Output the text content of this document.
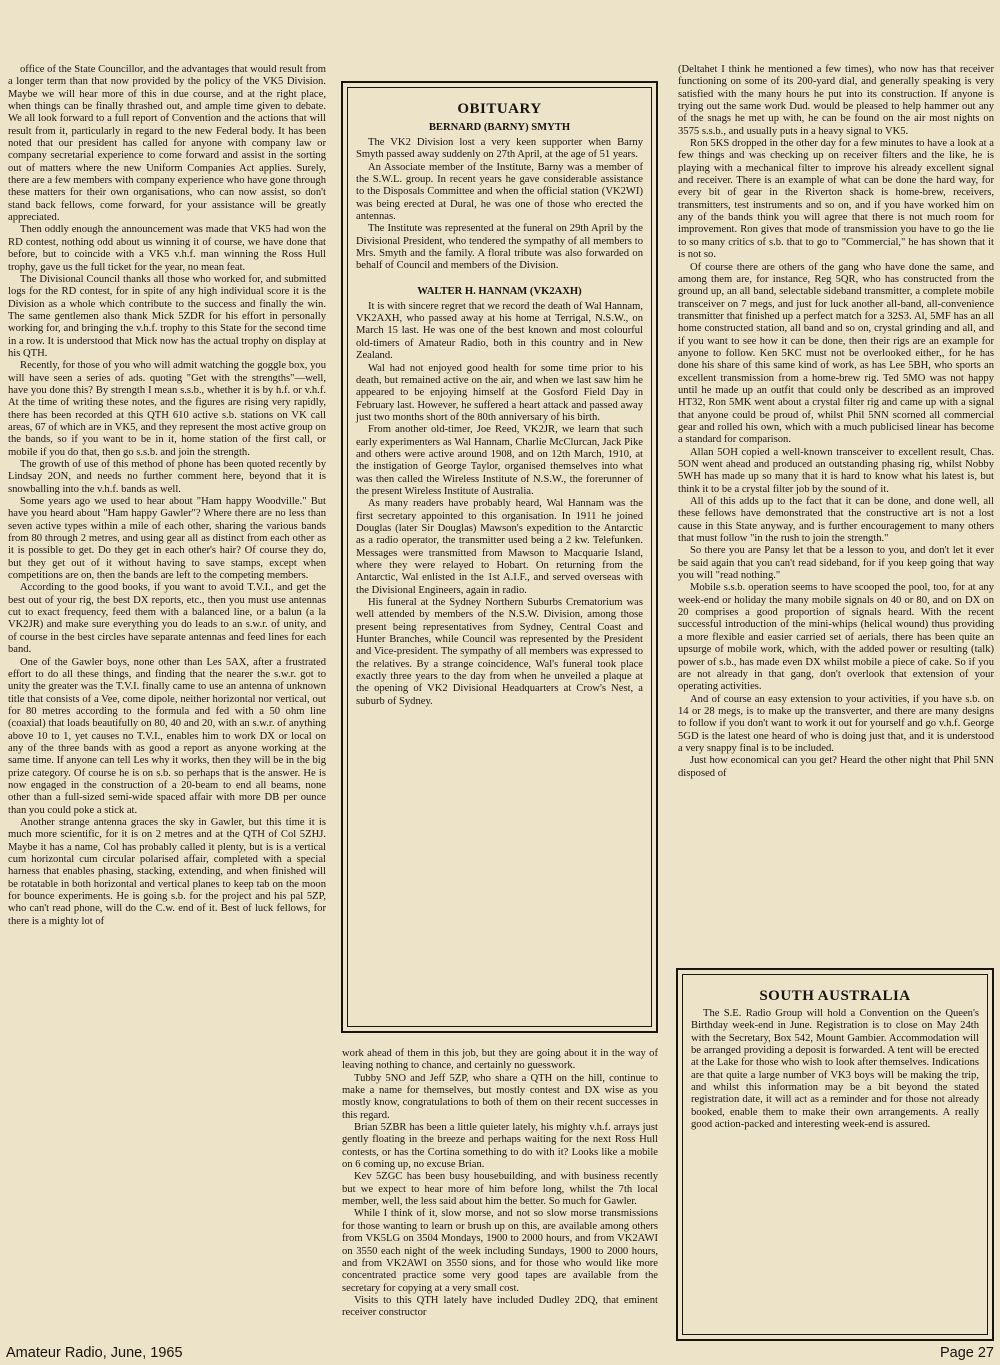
office of the State Councillor, and the advantages that would result from a longer term than that now provided by the policy of the VK5 Division. Maybe we will hear more of this in due course, and at the right place, when things can be finally thrashed out, and ample time given to debate. We all look forward to a full report of Convention and the actions that will result from it, particularly in regard to the new Federal body. It has been noted that our president has called for anyone with company law or company secretarial experience to come forward and assist in the sorting out of matters where the new Uniform Companies Act applies. Surely, there are a few members with company experience who have gone through these matters for their own organisations, who can now assist, so don't stand back fellows, come forward, for your assistance will be greatly appreciated.

Then oddly enough the announcement was made that VK5 had won the RD contest, nothing odd about us winning it of course, we have done that before, but to coincide with a VK5 v.h.f. man winning the Ross Hull trophy, gave us the full ticket for the year, no mean feat.

The Divisional Council thanks all those who worked for, and submitted logs for the RD contest, for in spite of any high individual score it is the Division as a whole which contribute to the success and finally the win. The same gentlemen also thank Mick 5ZDR for his effort in personally working for, and bringing the v.h.f. trophy to this State for the second time in a row. It is understood that Mick now has the actual trophy on display at his QTH.

Recently, for those of you who will admit watching the goggle box, you will have seen a series of ads. quoting "Get with the strengths"—well, have you done this? By strength I mean s.s.b., whether it is by h.f. or v.h.f. At the time of writing these notes, and the figures are rising very rapidly, there has been recorded at this QTH 610 active s.b. stations on VK call areas, 67 of which are in VK5, and they represent the most active group on the bands, so if you want to be in it, home station of the first call, or mobile if you do that, then go s.s.b. and join the strength.

The growth of use of this method of phone has been quoted recently by Lindsay 2ON, and needs no further comment here, beyond that it is snowballing into the v.h.f. bands as well.

Some years ago we used to hear about "Ham happy Woodville." But have you heard about "Ham happy Gawler"? Where there are no less than seven active types within a mile of each other, sharing the various bands from 80 through 2 metres, and using gear all as distinct from each other as it is possible to get. Do they get in each other's hair? Of course they do, but they get out of it without having to save stamps, except when competitions are on, then the bands are left to the competing members.

According to the good books, if you want to avoid T.V.I., and get the best out of your rig, the best DX reports, etc., then you must use antennas cut to exact frequency, feed them with a balanced line, or a balun (a la VK2JR) and make sure everything you do leads to an s.w.r. of unity, and of course in the best circles have separate antennas and feed lines for each band.

One of the Gawler boys, none other than Les 5AX, after a frustrated effort to do all these things, and finding that the nearer the s.w.r. got to unity the greater was the T.V.I. finally came to use an antenna of unknown title that consists of a Vee, come dipole, neither horizontal nor vertical, out for 80 metres according to the formula and fed with a 50 ohm line (coaxial) that loads beautifully on 80, 40 and 20, with an s.w.r. of anything above 10 to 1, yet causes no T.V.I., enables him to work DX or local on any of the three bands with as good a report as anyone working at the same time. If anyone can tell Les why it works, then they will be in the big prize category. Of course he is on s.b. so perhaps that is the answer. He is now engaged in the construction of a 20-beam to end all beams, none other than a full-sized semi-wide spaced affair with more DB per ounce than you could poke a stick at.

Another strange antenna graces the sky in Gawler, but this time it is much more scientific, for it is on 2 metres and at the QTH of Col 5ZHJ. Maybe it has a name, Col has probably called it plenty, but is is a vertical cum horizontal cum circular polarised affair, completed with a special harness that enables phasing, stacking, extending, and when finished will be rotatable in both horizontal and vertical planes to keep tab on the moon for bounce experiments. He is going s.b. for the project and his pal 5ZP, who can't read phone, will do the C.w. end of it. Best of luck fellows, for there is a mighty lot of

OBITUARY
BERNARD (BARNY) SMYTH

The VK2 Division lost a very keen supporter when Barny Smyth passed away suddenly on 27th April, at the age of 51 years.

An Associate member of the Institute, Barny was a member of the S.W.L. group. In recent years he gave considerable assistance to the Disposals Committee and when the official station (VK2WI) was being erected at Dural, he was one of those who erected the antennas.

The Institute was represented at the funeral on 29th April by the Divisional President, who tendered the sympathy of all members to Mrs. Smyth and the family. A floral tribute was also forwarded on behalf of Council and members of the Division.

WALTER H. HANNAM (VK2AXH)

It is with sincere regret that we record the death of Wal Hannam, VK2AXH, who passed away at his home at Terrigal, N.S.W., on March 15 last. He was one of the best known and most colourful old-timers of Amateur Radio, both in this country and in New Zealand.

Wal had not enjoyed good health for some time prior to his death, but remained active on the air, and when we last saw him he appeared to be enjoying himself at the Gosford Field Day in February last. However, he suffered a heart attack and passed away just two months short of the 80th anniversary of his birth.

From another old-timer, Joe Reed, VK2JR, we learn that such early experimenters as Wal Hannam, Charlie McClurcan, Jack Pike and others were active around 1908, and on 12th March, 1910, at the instigation of George Taylor, organised themselves into what was then called the Wireless Institute of N.S.W., the forerunner of the present Wireless Institute of Australia.

As many readers have probably heard, Wal Hannam was the first secretary appointed to this organisation. In 1911 he joined Douglas (later Sir Douglas) Mawson's expedition to the Antarctic as a radio operator, the transmitter used being a 2 kw. Telefunken. Messages were transmitted from Mawson to Macquarie Island, where they were relayed to Hobart. On returning from the Antarctic, Wal enlisted in the 1st A.I.F., and served overseas with the Divisional Engineers, again in radio.

His funeral at the Sydney Northern Suburbs Crematorium was well attended by members of the N.S.W. Division, among those present being representatives from Sydney, Central Coast and Hunter Branches, while Council was represented by the President and Vice-president. The sympathy of all members was expressed to the relatives. By a strange coincidence, Wal's funeral took place exactly three years to the day from when he unveiled a plaque at the opening of VK2 Divisional Headquarters at Crow's Nest, a suburb of Sydney.

work ahead of them in this job, but they are going about it in the way of leaving nothing to chance, and certainly no guesswork.

Tubby 5NO and Jeff 5ZP, who share a QTH on the hill, continue to make a name for themselves, but mostly contest and DX wise as you mostly know, congratulations to both of them on their recent successes in this regard.

Brian 5ZBR has been a little quieter lately, his mighty v.h.f. arrays just gently floating in the breeze and perhaps waiting for the next Ross Hull contests, or has the Cortina something to do with it? Looks like a mobile on 6 coming up, no excuse Brian.

Kev 5ZGC has been busy housebuilding, and with business recently but we expect to hear more of him before long, whilst the 7th local member, well, the less said about him the better. So much for Gawler.

While I think of it, slow morse, and not so slow morse transmissions for those wanting to learn or brush up on this, are available among others from VK5LG on 3504 Mondays, 1900 to 2000 hours, and from VK2AWI on 3550 each night of the week including Sundays, 1900 to 2000 hours, and from VK2AWI on 3550 sions, and for those who would like more concentrated practice some very good tapes are available from the secretary for copying at a very small cost.

Visits to this QTH lately have included Dudley 2DQ, that eminent receiver constructor

(Deltahet I think he mentioned a few times), who now has that receiver functioning on some of its 200-yard dial, and generally speaking is very satisfied with the many hours he put into its construction. If anyone is trying out the same work Dud. would be pleased to help hammer out any of the snags he met up with, he can be found on the air most nights on 3575 s.s.b., and usually puts in a heavy signal to VK5.

Ron 5KS dropped in the other day for a few minutes to have a look at a few things and was checking up on receiver filters and the like, he is playing with a mechanical filter to improve his already excellent signal and receiver. There is an example of what can be done the hard way, for every bit of gear in the Riverton shack is home-brew, receivers, transmitters, test instruments and so on, and if you have worked him on any of the bands think you will agree that there is not much room for improvement. Ron gives that mode of transmission you have to go the lie to so many critics of s.b. that to go to "Commercial," he has shown that it is not so.

Of course there are others of the gang who have done the same, and among them are, for instance, Reg 5QR, who has constructed from the ground up, an all band, selectable sideband transmitter, a complete mobile transceiver on 7 megs, and just for luck another all-band, all-convenience transmitter that finished up a perfect match for a 32S3. Al, 5MF has an all home constructed station, all band and so on, crystal grinding and all, and if you want to see how it can be done, then their rigs are an example for anyone to follow. Ken 5KC must not be overlooked either,, for he has done his share of this same kind of work, as has Lee 5BH, who sports an excellent transmission from a home-brew rig. Ted 5MO was not happy until he made up an outfit that could only be described as an improved HT32, Ron 5MK went about a crystal filter rig and came up with a signal that anyone could be proud of, whilst Phil 5NN scorned all commercial gear and rolled his own, which with a much publicised linear has become a standard for comparison.

Allan 5OH copied a well-known transceiver to excellent result, Chas. 5ON went ahead and produced an outstanding phasing rig, whilst Nobby 5WH has made up so many that it is hard to know what his latest is, but think it to be a crystal filter job by the sound of it.

All of this adds up to the fact that it can be done, and done well, all these fellows have demonstrated that the constructive art is not a lost cause in this State anyway, and is further encouragement to many others that must follow "in the rush to join the strength."

So there you are Pansy let that be a lesson to you, and don't let it ever be said again that you can't read sideband, for if you keep going that way you will "read nothing."

Mobile s.s.b. operation seems to have scooped the pool, too, for at any week-end or holiday the many mobile signals on 40 or 80, and on DX on 20 comprises a good proportion of signals heard. With the recent successful introduction of the mini-whips (helical wound) thus providing a more flexible and easier carried set of aerials, there has been quite an upsurge of mobile work, which, with the added power or resulting (talk) power of s.b., has made even DX whilst mobile a piece of cake. So if you are not already in that gang, don't overlook that extension of your operating activities.

And of course an easy extension to your activities, if you have s.b. on 14 or 28 megs, is to make up the transverter, and there are many designs to follow if you don't want to work it out for yourself and go v.h.f. George 5GD is the latest one heard of who is doing just that, and it is understood a very snappy final is to be included.

Just how economical can you get? Heard the other night that Phil 5NN disposed of

SOUTH AUSTRALIA

The S.E. Radio Group will hold a Convention on the Queen's Birthday week-end in June. Registration is to close on May 24th with the Secretary, Box 542, Mount Gambier. Accommodation will be arranged providing a deposit is forwarded. A tent will be erected at the Lake for those who wish to look after themselves. Indications are that quite a large number of VK3 boys will be making the trip, and whilst this information may be a bit beyond the stated registration date, it will act as a reminder and for those not already booked, enable them to make their own arrangements. A really good action-packed and interesting week-end is assured.

Amateur Radio, June, 1965	Page 27
